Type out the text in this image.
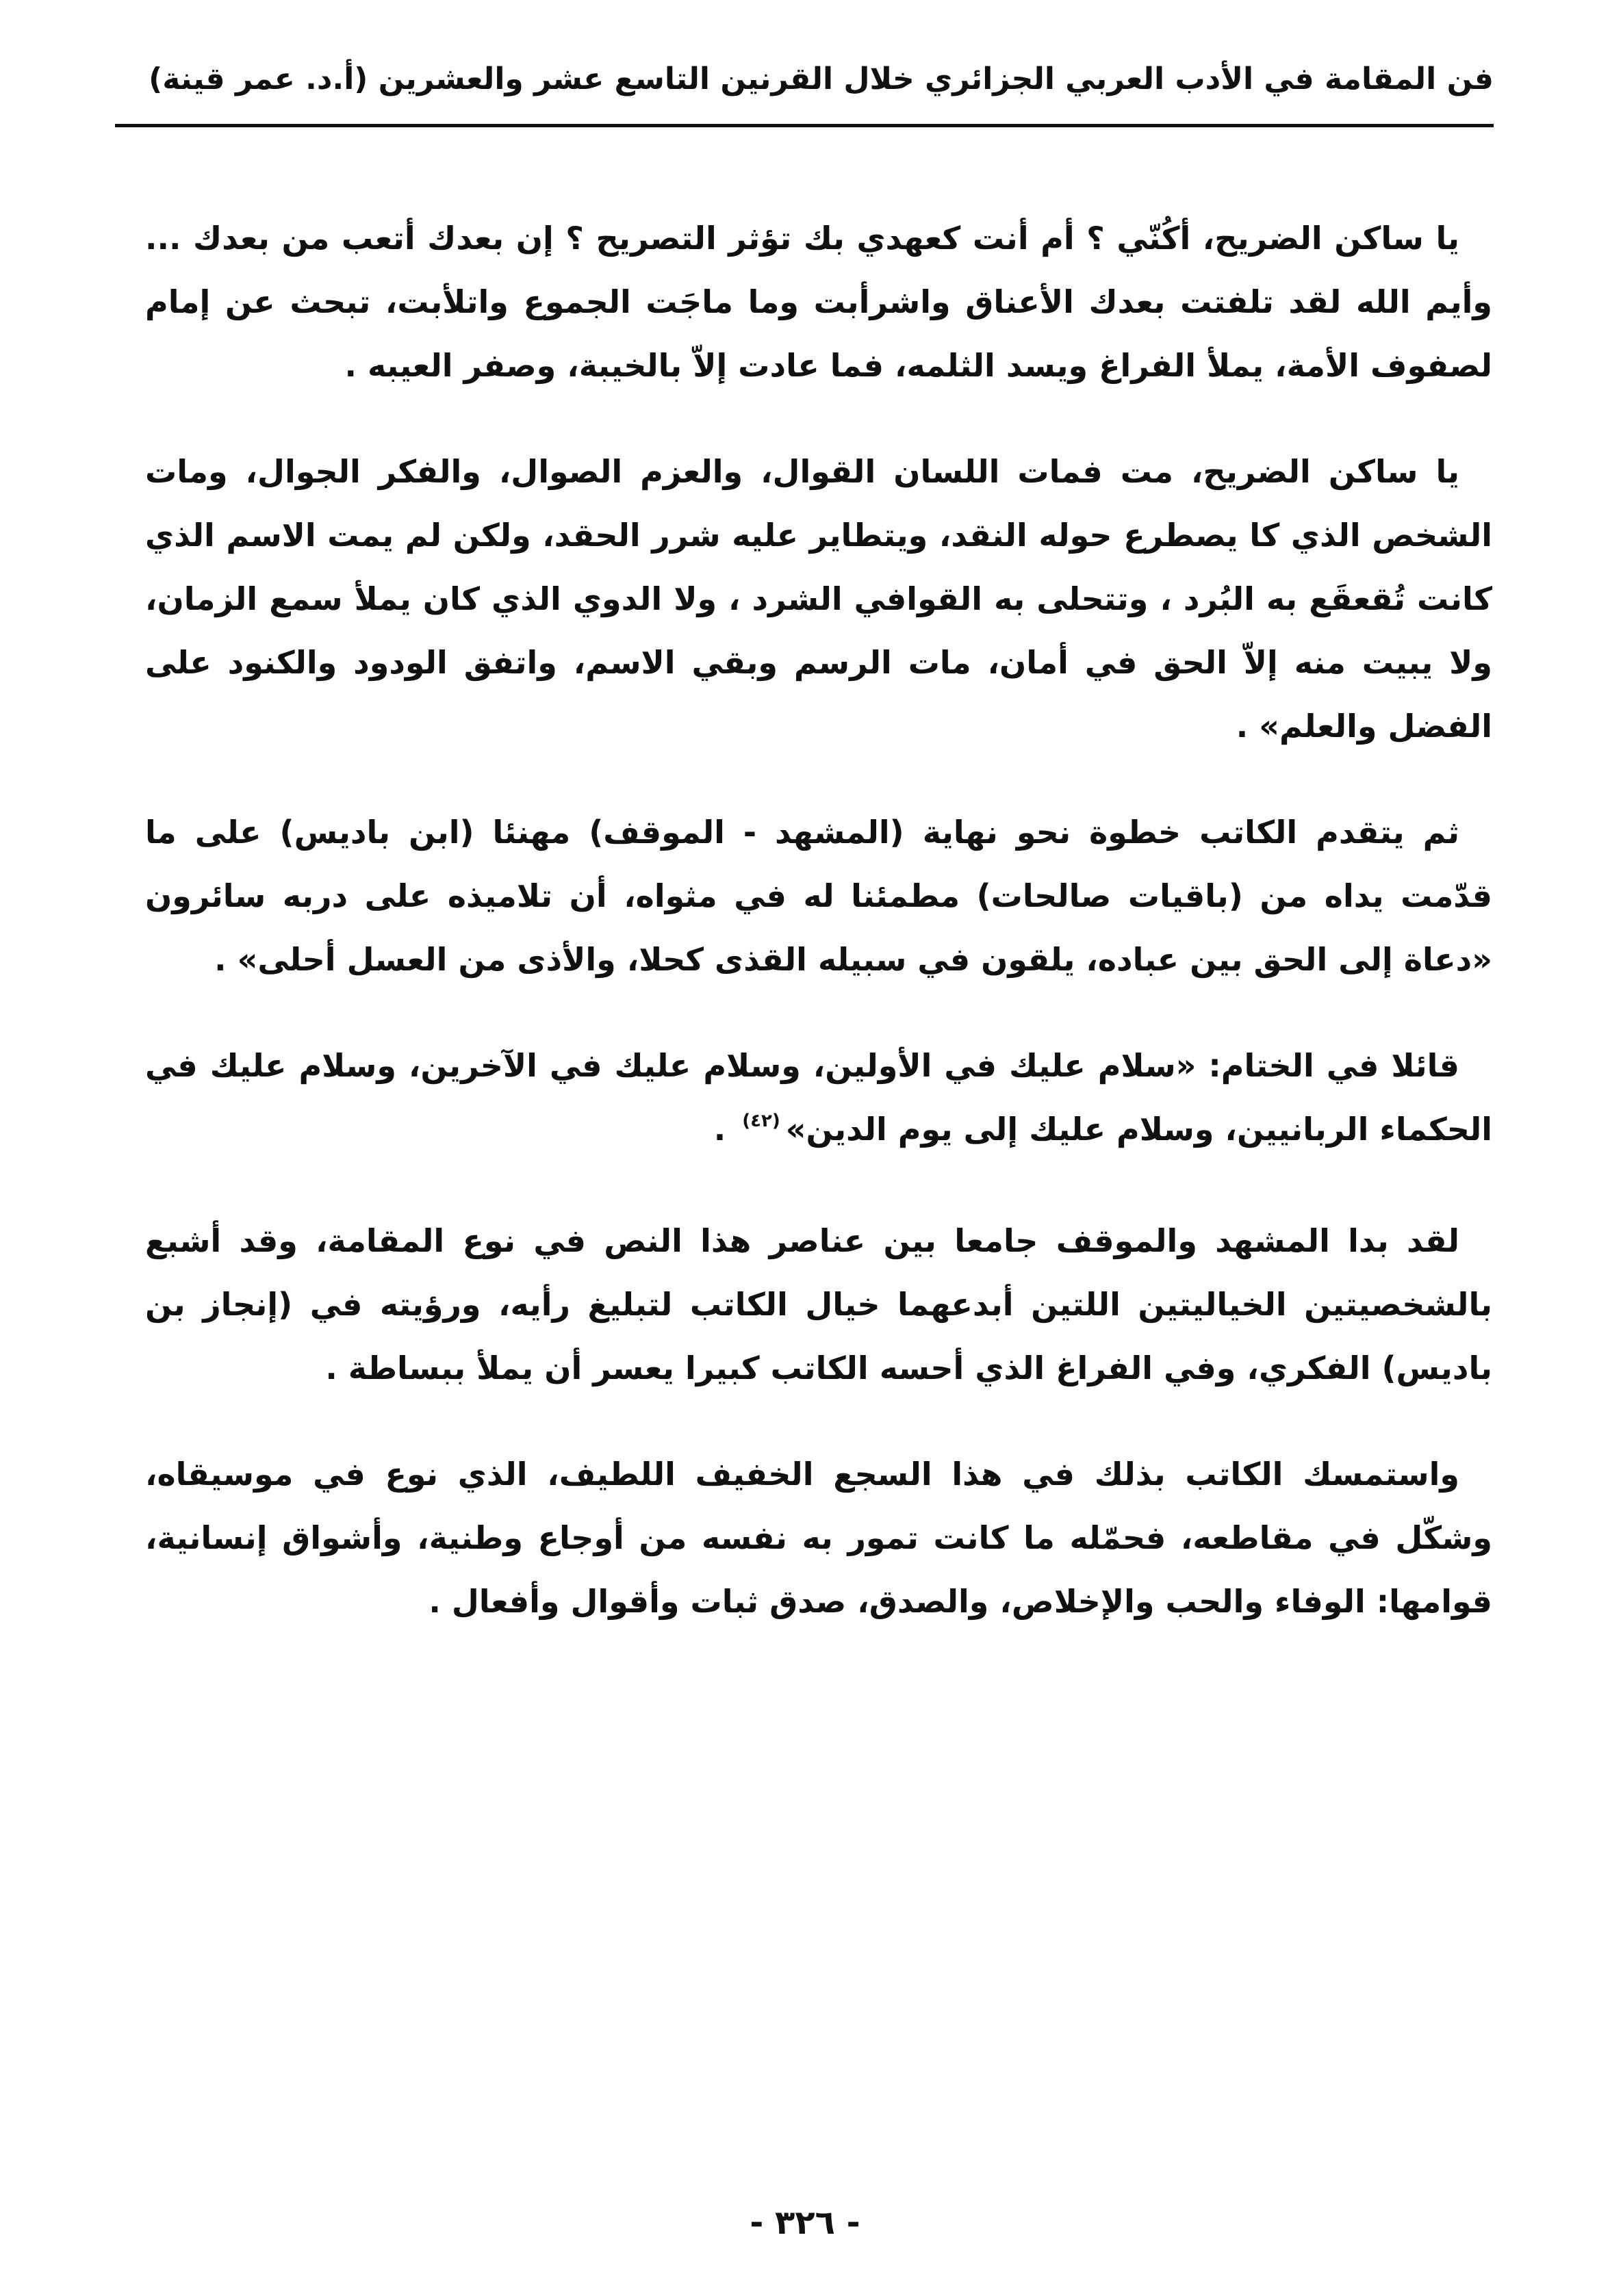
فن المقامة في الأدب العربي الجزائري خلال القرنين التاسع عشر والعشرين (أ.د. عمر قينة)

يا ساكن الضريح، أكُنّي ؟ أم أنت كعهدي بك تؤثر التصريح ؟ إن بعدك أتعب من بعدك ... وأيم الله لقد تلفتت بعدك الأعناق واشرأبت وما ماجَت الجموع واتلأبت، تبحث عن إمام لصفوف الأمة، يملأ الفراغ ويسد الثلمه، فما عادت إلاّ بالخيبة، وصفر العيبه .

يا ساكن الضريح، مت فمات اللسان القوال، والعزم الصوال، والفكر الجوال، ومات الشخص الذي كا يصطرع حوله النقد، ويتطاير عليه شرر الحقد، ولكن لم يمت الاسم الذي كانت تُقعقَع به البُرد ، وتتحلى به القوافي الشرد ، ولا الدوي الذي كان يملأ سمع الزمان، ولا يبيت منه إلاّ الحق في أمان، مات الرسم وبقي الاسم، واتفق الودود والكنود على الفضل والعلم» .

ثم يتقدم الكاتب خطوة نحو نهاية (المشهد - الموقف) مهنئا (ابن باديس) على ما قدّمت يداه من (باقيات صالحات) مطمئنا له في مثواه، أن تلاميذه على دربه سائرون «دعاة إلى الحق بين عباده، يلقون في سبيله القذى كحلا، والأذى من العسل أحلى» .

قائلا في الختام: «سلام عليك في الأولين، وسلام عليك في الآخرين، وسلام عليك في الحكماء الربانيين، وسلام عليك إلى يوم الدين»$^{(٤٢)}$ .

لقد بدا المشهد والموقف جامعا بين عناصر هذا النص في نوع المقامة، وقد أشبع بالشخصيتين الخياليتين اللتين أبدعهما خيال الكاتب لتبليغ رأيه، ورؤيته في (إنجاز بن باديس) الفكري، وفي الفراغ الذي أحسه الكاتب كبيرا يعسر أن يملأ ببساطة .

واستمسك الكاتب بذلك في هذا السجع الخفيف اللطيف، الذي نوع في موسيقاه، وشكّل في مقاطعه، فحمّله ما كانت تمور به نفسه من أوجاع وطنية، وأشواق إنسانية، قوامها: الوفاء والحب والإخلاص، والصدق، صدق ثبات وأقوال وأفعال .

- ٣٢٦ -
